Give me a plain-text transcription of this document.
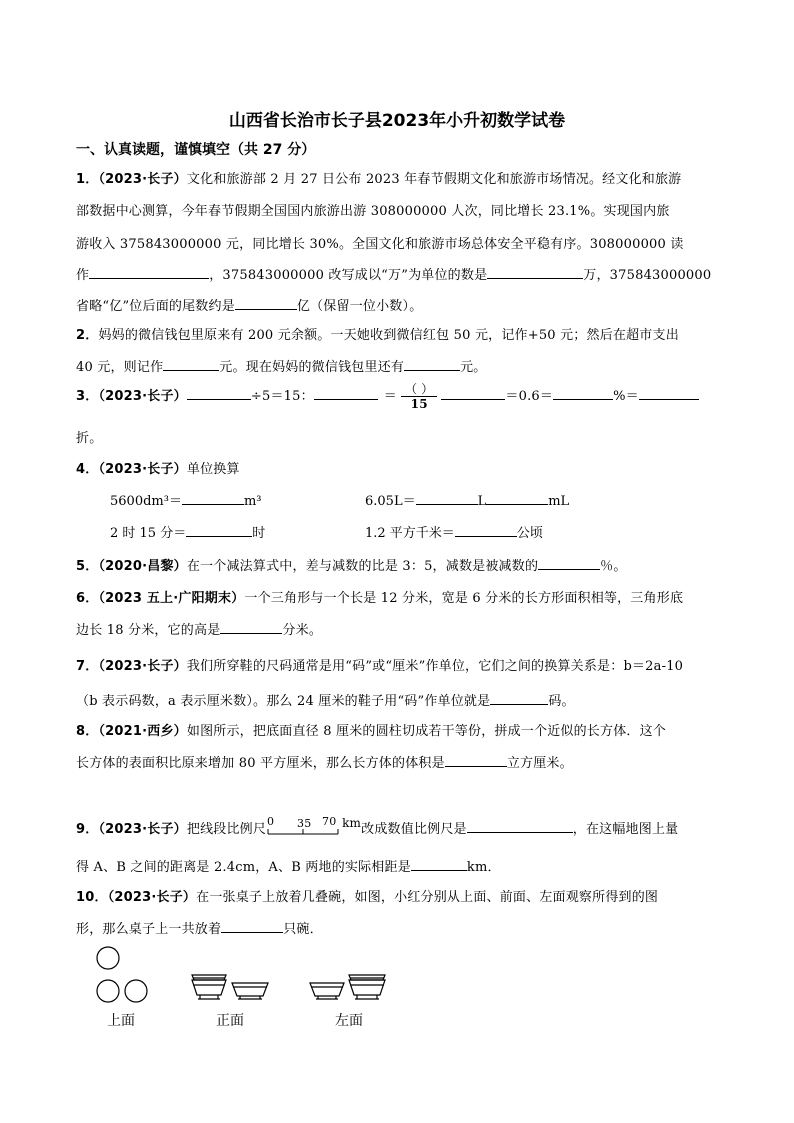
山西省长治市长子县2023年小升初数学试卷
一、认真读题，谨慎填空（共 27 分）
1．（2023·长子）文化和旅游部 2 月 27 日公布 2023 年春节假期文化和旅游市场情况。经文化和旅游
部数据中心测算，今年春节假期全国国内旅游出游 308000000 人次，同比增长 23.1%。实现国内旅
游收入 375843000000 元，同比增长 30%。全国文化和旅游市场总体安全平稳有序。308000000 读
作	，375843000000 改写成以“万”为单位的数是	万，375843000000
省略“亿”位后面的尾数约是	亿（保留一位小数）。
2．妈妈的微信钱包里原来有 200 元余额。一天她收到微信红包 50 元，记作+50 元；然后在超市支出
40 元，则记作	元。现在妈妈的微信钱包里还有	元。
3．（2023·长子）	÷5＝15：	＝ $\frac{( )}{15}$	＝0.6＝	%＝
折。
4．（2023·长子）单位换算
5600dm³＝	m³	6.05L＝	L	mL
2 时 15 分＝	时	1.2 平方千米＝	公顷
5．（2020·昌黎）在一个减法算式中，差与减数的比是 3：5，减数是被减数的	％。
6．（2023 五上·广阳期末）一个三角形与一个长是 12 分米，宽是 6 分米的长方形面积相等，三角形底
边长 18 分米，它的高是	分米。
7．（2023·长子）我们所穿鞋的尺码通常是用“码”或“厘米”作单位，它们之间的换算关系是：b＝2a-10
（b 表示码数，a 表示厘米数）。那么 24 厘米的鞋子用“码”作单位就是	码。
8．（2021·西乡）如图所示，把底面直径 8 厘米的圆柱切成若干等份，拼成一个近似的长方体．这个
长方体的表面积比原来增加 80 平方厘米，那么长方体的体积是	立方厘米。
9．（2023·长子）把线段比例尺
0 35 70 km改成数值比例尺是	，在这幅地图上量
得 A、B 之间的距离是 2.4cm，A、B 两地的实际相距是	km．
10．（2023·长子）在一张桌子上放着几叠碗，如图，小红分别从上面、前面、左面观察所得到的图
形，那么桌子上一共放着	只碗．
上面	正面	左面
